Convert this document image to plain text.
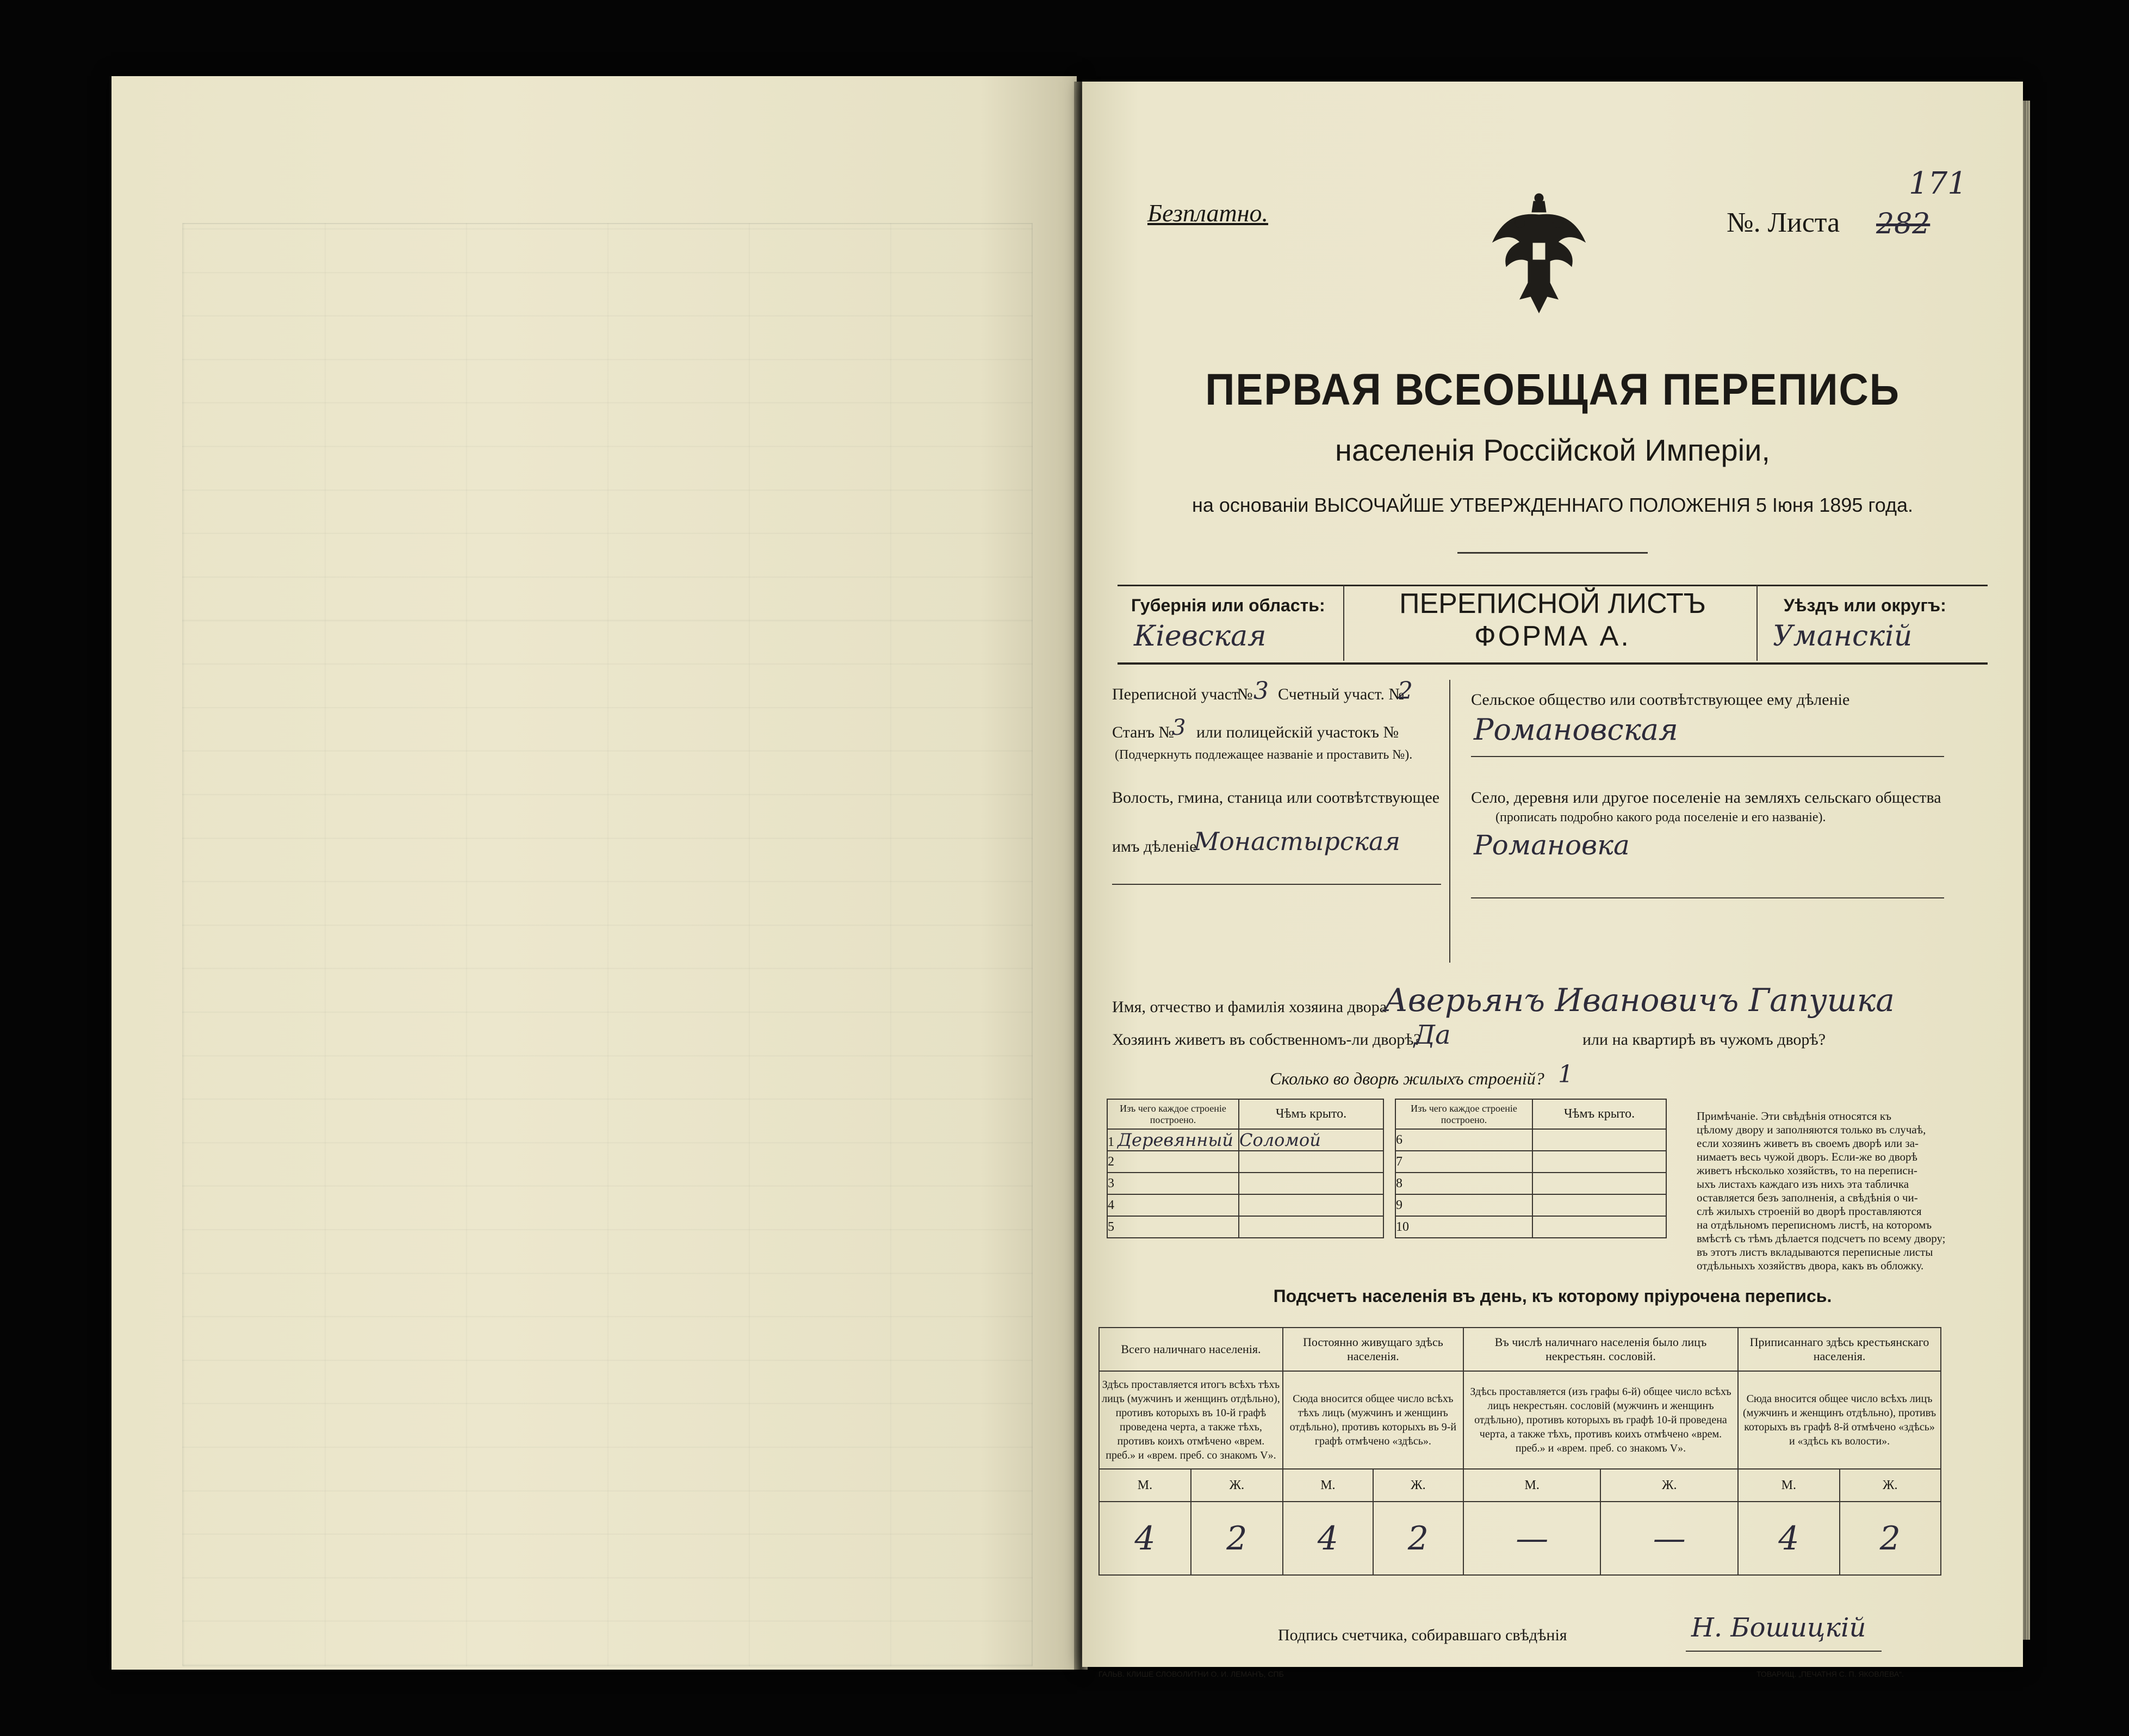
Безплатно.	№. Листа 282
171
ПЕРВАЯ ВСЕОБЩАЯ ПЕРЕПИСЬ
населенія Россійской Имперіи,
на основаніи ВЫСОЧАЙШЕ УТВЕРЖДЕННАГО ПОЛОЖЕНІЯ 5 Іюня 1895 года.
Губернія или область:
Кіевская
ПЕРЕПИСНОЙ ЛИСТЪ
ФОРМА А.
Уѣздъ или округъ:
Уманскій
Переписной участ
№ 3 Счетный участ. №
2
Станъ №
3 или полицейскій участокъ №
(Подчеркнуть подлежащее названіе и проставить №).
Волость, гмина, станица или соотвѣтствующее
имъ дѣленіе
Монастырская
Сельское общество или соотвѣтствующее ему дѣленіе
Романовская
Село, деревня или другое поселеніе на земляхъ сельскаго общества
(прописать подробно какого рода поселеніе и его названіе).
Романовка
Имя, отчество и фамилія хозяина двора
Аверьянъ Ивановичъ Гапушка
Хозяинъ живетъ въ собственномъ-ли дворѣ?
Да	или на квартирѣ въ чужомъ дворѣ?
Сколько во дворѣ жилыхъ строеній? 1
Изъ чего каждое строеніе построено.	Чѣмъ крыто.
1 Деревянный	Соломой
2	
3	
4	
5	
Изъ чего каждое строеніе построено.	Чѣмъ крыто.
6	
7	
8	
9	
10	
Примѣчаніе. Эти свѣдѣнія относятся къ
цѣлому двору и заполняются только въ случаѣ,
если хозяинъ живетъ въ своемъ дворѣ или за-
нимаетъ весь чужой дворъ. Если-же во дворѣ
живетъ нѣсколько хозяйствъ, то на переписн-
ыхъ листахъ каждаго изъ нихъ эта табличка
оставляется безъ заполненія, а свѣдѣнія о чи-
слѣ жилыхъ строеній во дворѣ проставляются
на отдѣльномъ переписномъ листѣ, на которомъ
вмѣстѣ съ тѣмъ дѣлается подсчетъ по всему двору;
въ этотъ листъ вкладываются переписные листы
отдѣльныхъ хозяйствъ двора, какъ въ обложку.
Подсчетъ населенія въ день, къ которому пріурочена перепись.
Всего наличнаго населенія.		Постоянно живущаго здѣсь населенія.		Въ числѣ наличнаго населенія было лицъ некрестьян. сословій.		Приписаннаго здѣсь крестьянскаго населенія.	
Здѣсь проставляется итогъ всѣхъ тѣхъ лицъ (мужчинъ и женщинъ отдѣльно), противъ которыхъ въ 10-й графѣ проведена черта, а также тѣхъ, противъ коихъ отмѣчено «врем. преб.» и «врем. преб. со знакомъ V».		Сюда вносится общее число всѣхъ тѣхъ лицъ (мужчинъ и женщинъ отдѣльно), противъ которыхъ въ 9-й графѣ отмѣчено «здѣсь».		Здѣсь проставляется (изъ графы 6-й) общее число всѣхъ лицъ некрестьян. сословій (мужчинъ и женщинъ отдѣльно), противъ которыхъ въ графѣ 10-й проведена черта, а также тѣхъ, противъ коихъ отмѣчено «врем. преб.» и «врем. преб. со знакомъ V».		Сюда вносится общее число всѣхъ лицъ (мужчинъ и женщинъ отдѣльно), противъ которыхъ въ графѣ 8-й отмѣчено «здѣсь» и «здѣсь къ волости».	
М.	Ж.	М.	Ж.	М.	Ж.	М.	Ж.
4	2	4	2	—	—	4	2
Подпись счетчика, собиравшаго свѣдѣнія	Н. Бошицкій
ГАЛЬВ. КЛИШЕ СЛОВОЛИТНИ О. И. ЛЕМАНЪ, СПБ	ТОВАРИЩ. „ПЕЧАТНЯ С. П. ЯКОВЛЕВА“.
